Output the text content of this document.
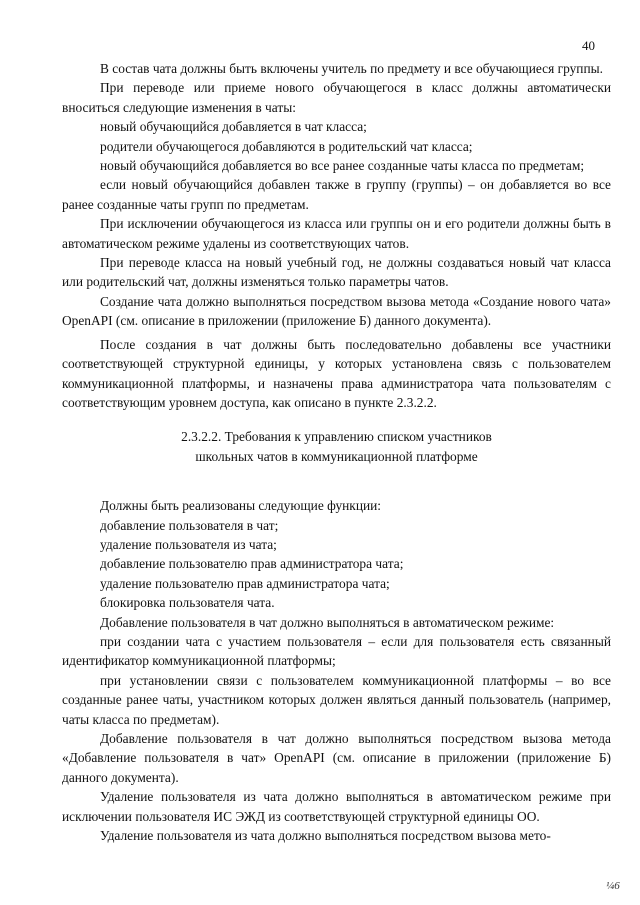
40

В состав чата должны быть включены учитель по предмету и все обучающиеся группы.

При переводе или приеме нового обучающегося в класс должны автоматически вноситься следующие изменения в чаты:

новый обучающийся добавляется в чат класса;

родители обучающегося добавляются в родительский чат класса;

новый обучающийся добавляется во все ранее созданные чаты класса по предметам;

если новый обучающийся добавлен также в группу (группы) – он добавляется во все ранее созданные чаты групп по предметам.

При исключении обучающегося из класса или группы он и его родители должны быть в автоматическом режиме удалены из соответствующих чатов.

При переводе класса на новый учебный год, не должны создаваться новый чат класса или родительский чат, должны изменяться только параметры чатов.

Создание чата должно выполняться посредством вызова метода «Создание нового чата» OpenAPI (см. описание в приложении (приложение Б) данного документа).

После создания в чат должны быть последовательно добавлены все участники соответствующей структурной единицы, у которых установлена связь с пользователем коммуникационной платформы, и назначены права администратора чата пользователям с соответствующим уровнем доступа, как описано в пункте 2.3.2.2.

2.3.2.2. Требования к управлению списком участников
школьных чатов в коммуникационной платформе

Должны быть реализованы следующие функции:

добавление пользователя в чат;

удаление пользователя из чата;

добавление пользователю прав администратора чата;

удаление пользователю прав администратора чата;

блокировка пользователя чата.

Добавление пользователя в чат должно выполняться в автоматическом режиме:

при создании чата с участием пользователя – если для пользователя есть связанный идентификатор коммуникационной платформы;

при установлении связи с пользователем коммуникационной платформы – во все созданные ранее чаты, участником которых должен являться данный пользователь (например, чаты класса по предметам).

Добавление пользователя в чат должно выполняться посредством вызова метода «Добавление пользователя в чат» OpenAPI (см. описание в приложении (приложение Б) данного документа).

Удаление пользователя из чата должно выполняться в автоматическом режиме при исключении пользователя ИС ЭЖД из соответствующей структурной единицы ОО.

Удаление пользователя из чата должно выполняться посредством вызова мето-

¼6
